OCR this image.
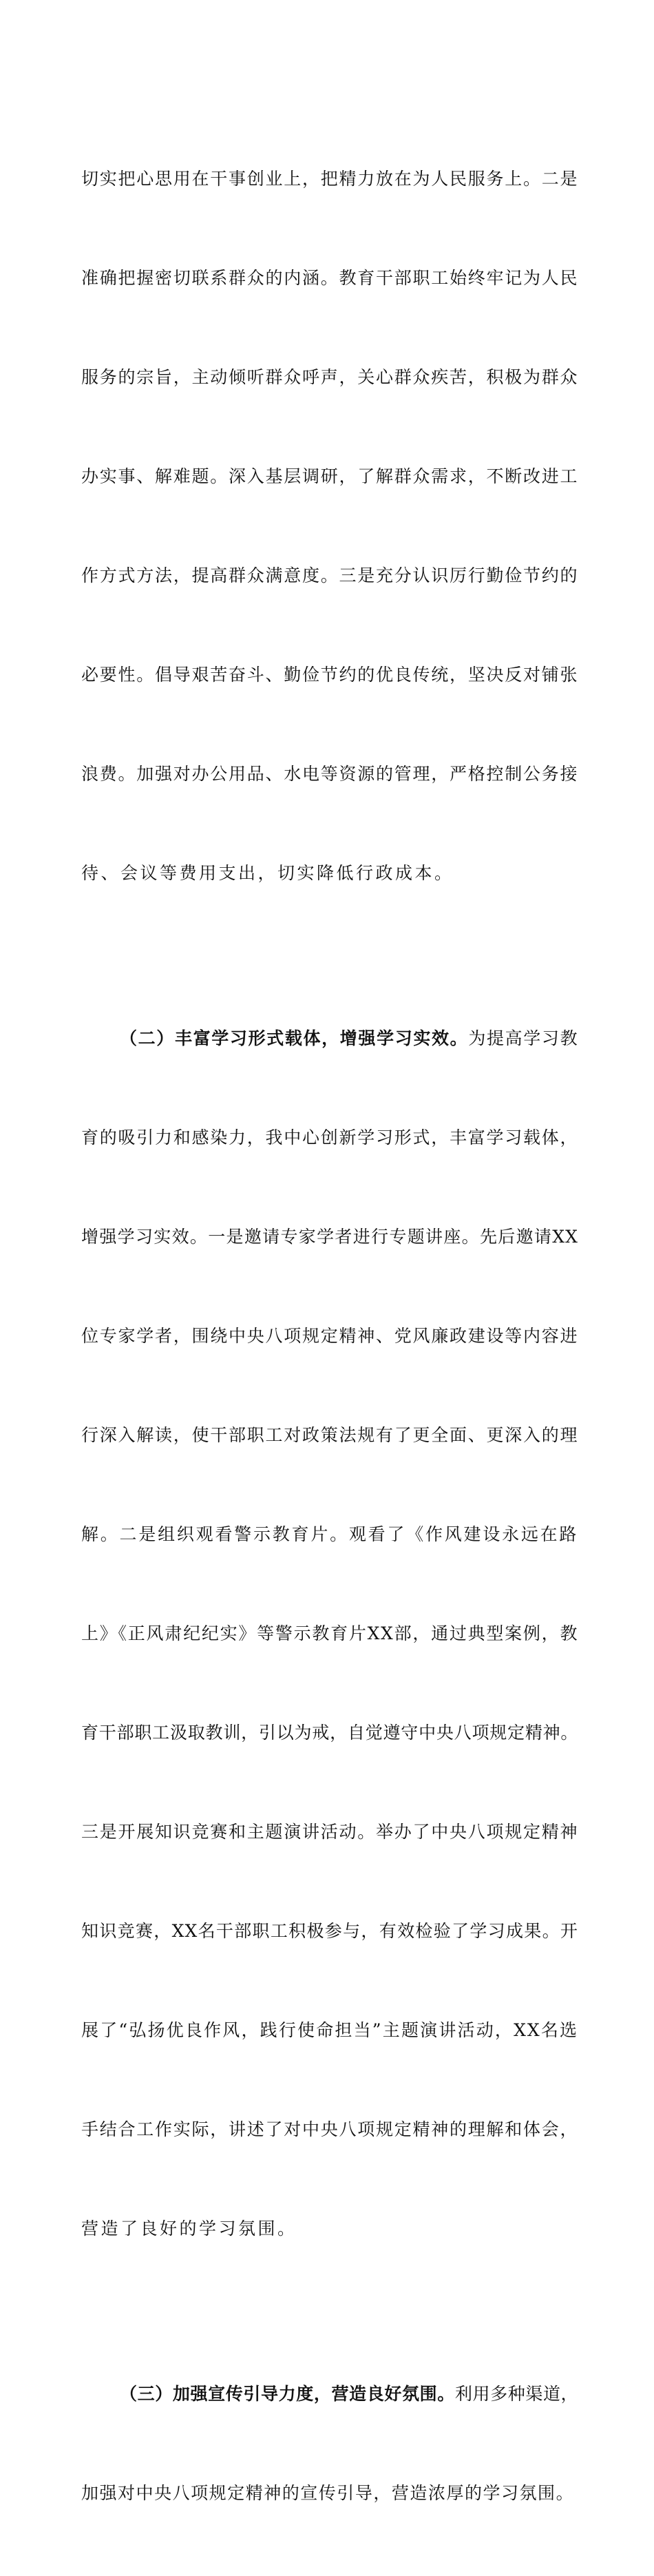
切实把心思用在干事创业上，把精力放在为人民服务上。二是

准确把握密切联系群众的内涵。教育干部职工始终牢记为人民

服务的宗旨，主动倾听群众呼声，关心群众疾苦，积极为群众

办实事、解难题。深入基层调研，了解群众需求，不断改进工

作方式方法，提高群众满意度。三是充分认识厉行勤俭节约的

必要性。倡导艰苦奋斗、勤俭节约的优良传统，坚决反对铺张

浪费。加强对办公用品、水电等资源的管理，严格控制公务接

待、会议等费用支出，切实降低行政成本。

（二）丰富学习形式载体，增强学习实效。为提高学习教

育的吸引力和感染力，我中心创新学习形式，丰富学习载体，

增强学习实效。一是邀请专家学者进行专题讲座。先后邀请XX

位专家学者，围绕中央八项规定精神、党风廉政建设等内容进

行深入解读，使干部职工对政策法规有了更全面、更深入的理

解。二是组织观看警示教育片。观看了《作风建设永远在路

上》《正风肃纪纪实》等警示教育片XX部，通过典型案例，教

育干部职工汲取教训，引以为戒，自觉遵守中央八项规定精神。

三是开展知识竞赛和主题演讲活动。举办了中央八项规定精神

知识竞赛，XX名干部职工积极参与，有效检验了学习成果。开

展了“弘扬优良作风，践行使命担当”主题演讲活动，XX名选

手结合工作实际，讲述了对中央八项规定精神的理解和体会，

营造了良好的学习氛围。

（三）加强宣传引导力度，营造良好氛围。利用多种渠道，

加强对中央八项规定精神的宣传引导，营造浓厚的学习氛围。
